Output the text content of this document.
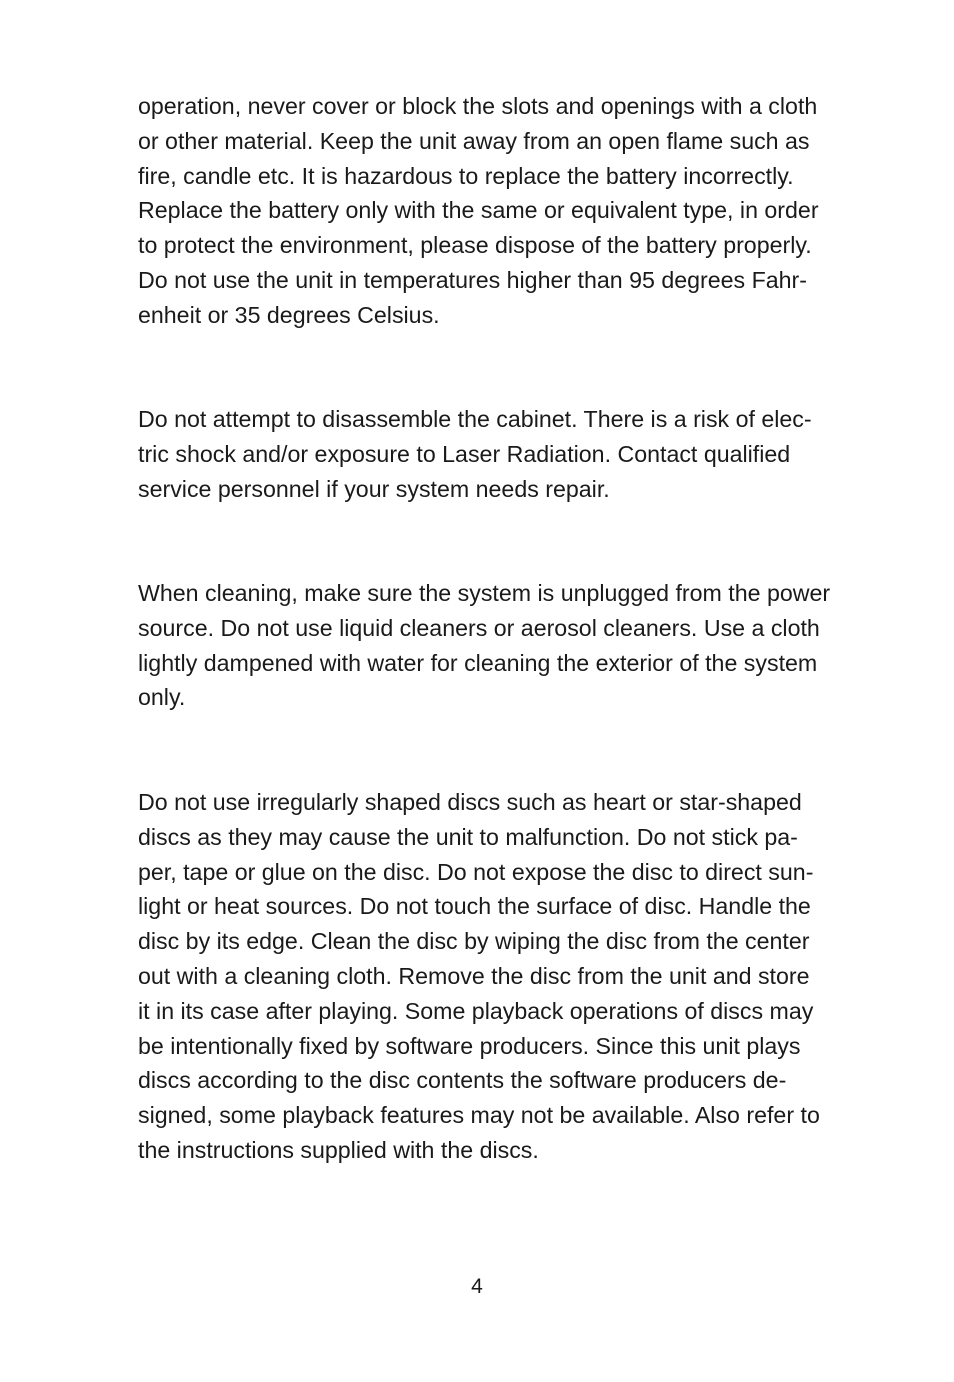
operation, never cover or block the slots and openings with a cloth
or other material. Keep the unit away from an open flame such as
fire, candle etc. It is hazardous to replace the battery incorrectly.
Replace the battery only with the same or equivalent type, in order
to protect the environment, please dispose of the battery properly.
Do not use the unit in temperatures higher than 95 degrees Fahr-
enheit or 35 degrees Celsius.
Do not attempt to disassemble the cabinet. There is a risk of elec-
tric shock and/or exposure to Laser Radiation. Contact qualified
service personnel if your system needs repair.
When cleaning, make sure the system is unplugged from the power
source. Do not use liquid cleaners or aerosol cleaners. Use a cloth
lightly dampened with water for cleaning the exterior of the system
only.
Do not use irregularly shaped discs such as heart or star-shaped
discs as they may cause the unit to malfunction. Do not stick pa-
per, tape or glue on the disc. Do not expose the disc to direct sun-
light or heat sources. Do not touch the surface of disc. Handle the
disc by its edge. Clean the disc by wiping the disc from the center
out with a cleaning cloth. Remove the disc from the unit and store
it in its case after playing. Some playback operations of discs may
be intentionally fixed by software producers. Since this unit plays
discs according to the disc contents the software producers de-
signed, some playback features may not be available. Also refer to
the instructions supplied with the discs.
4
